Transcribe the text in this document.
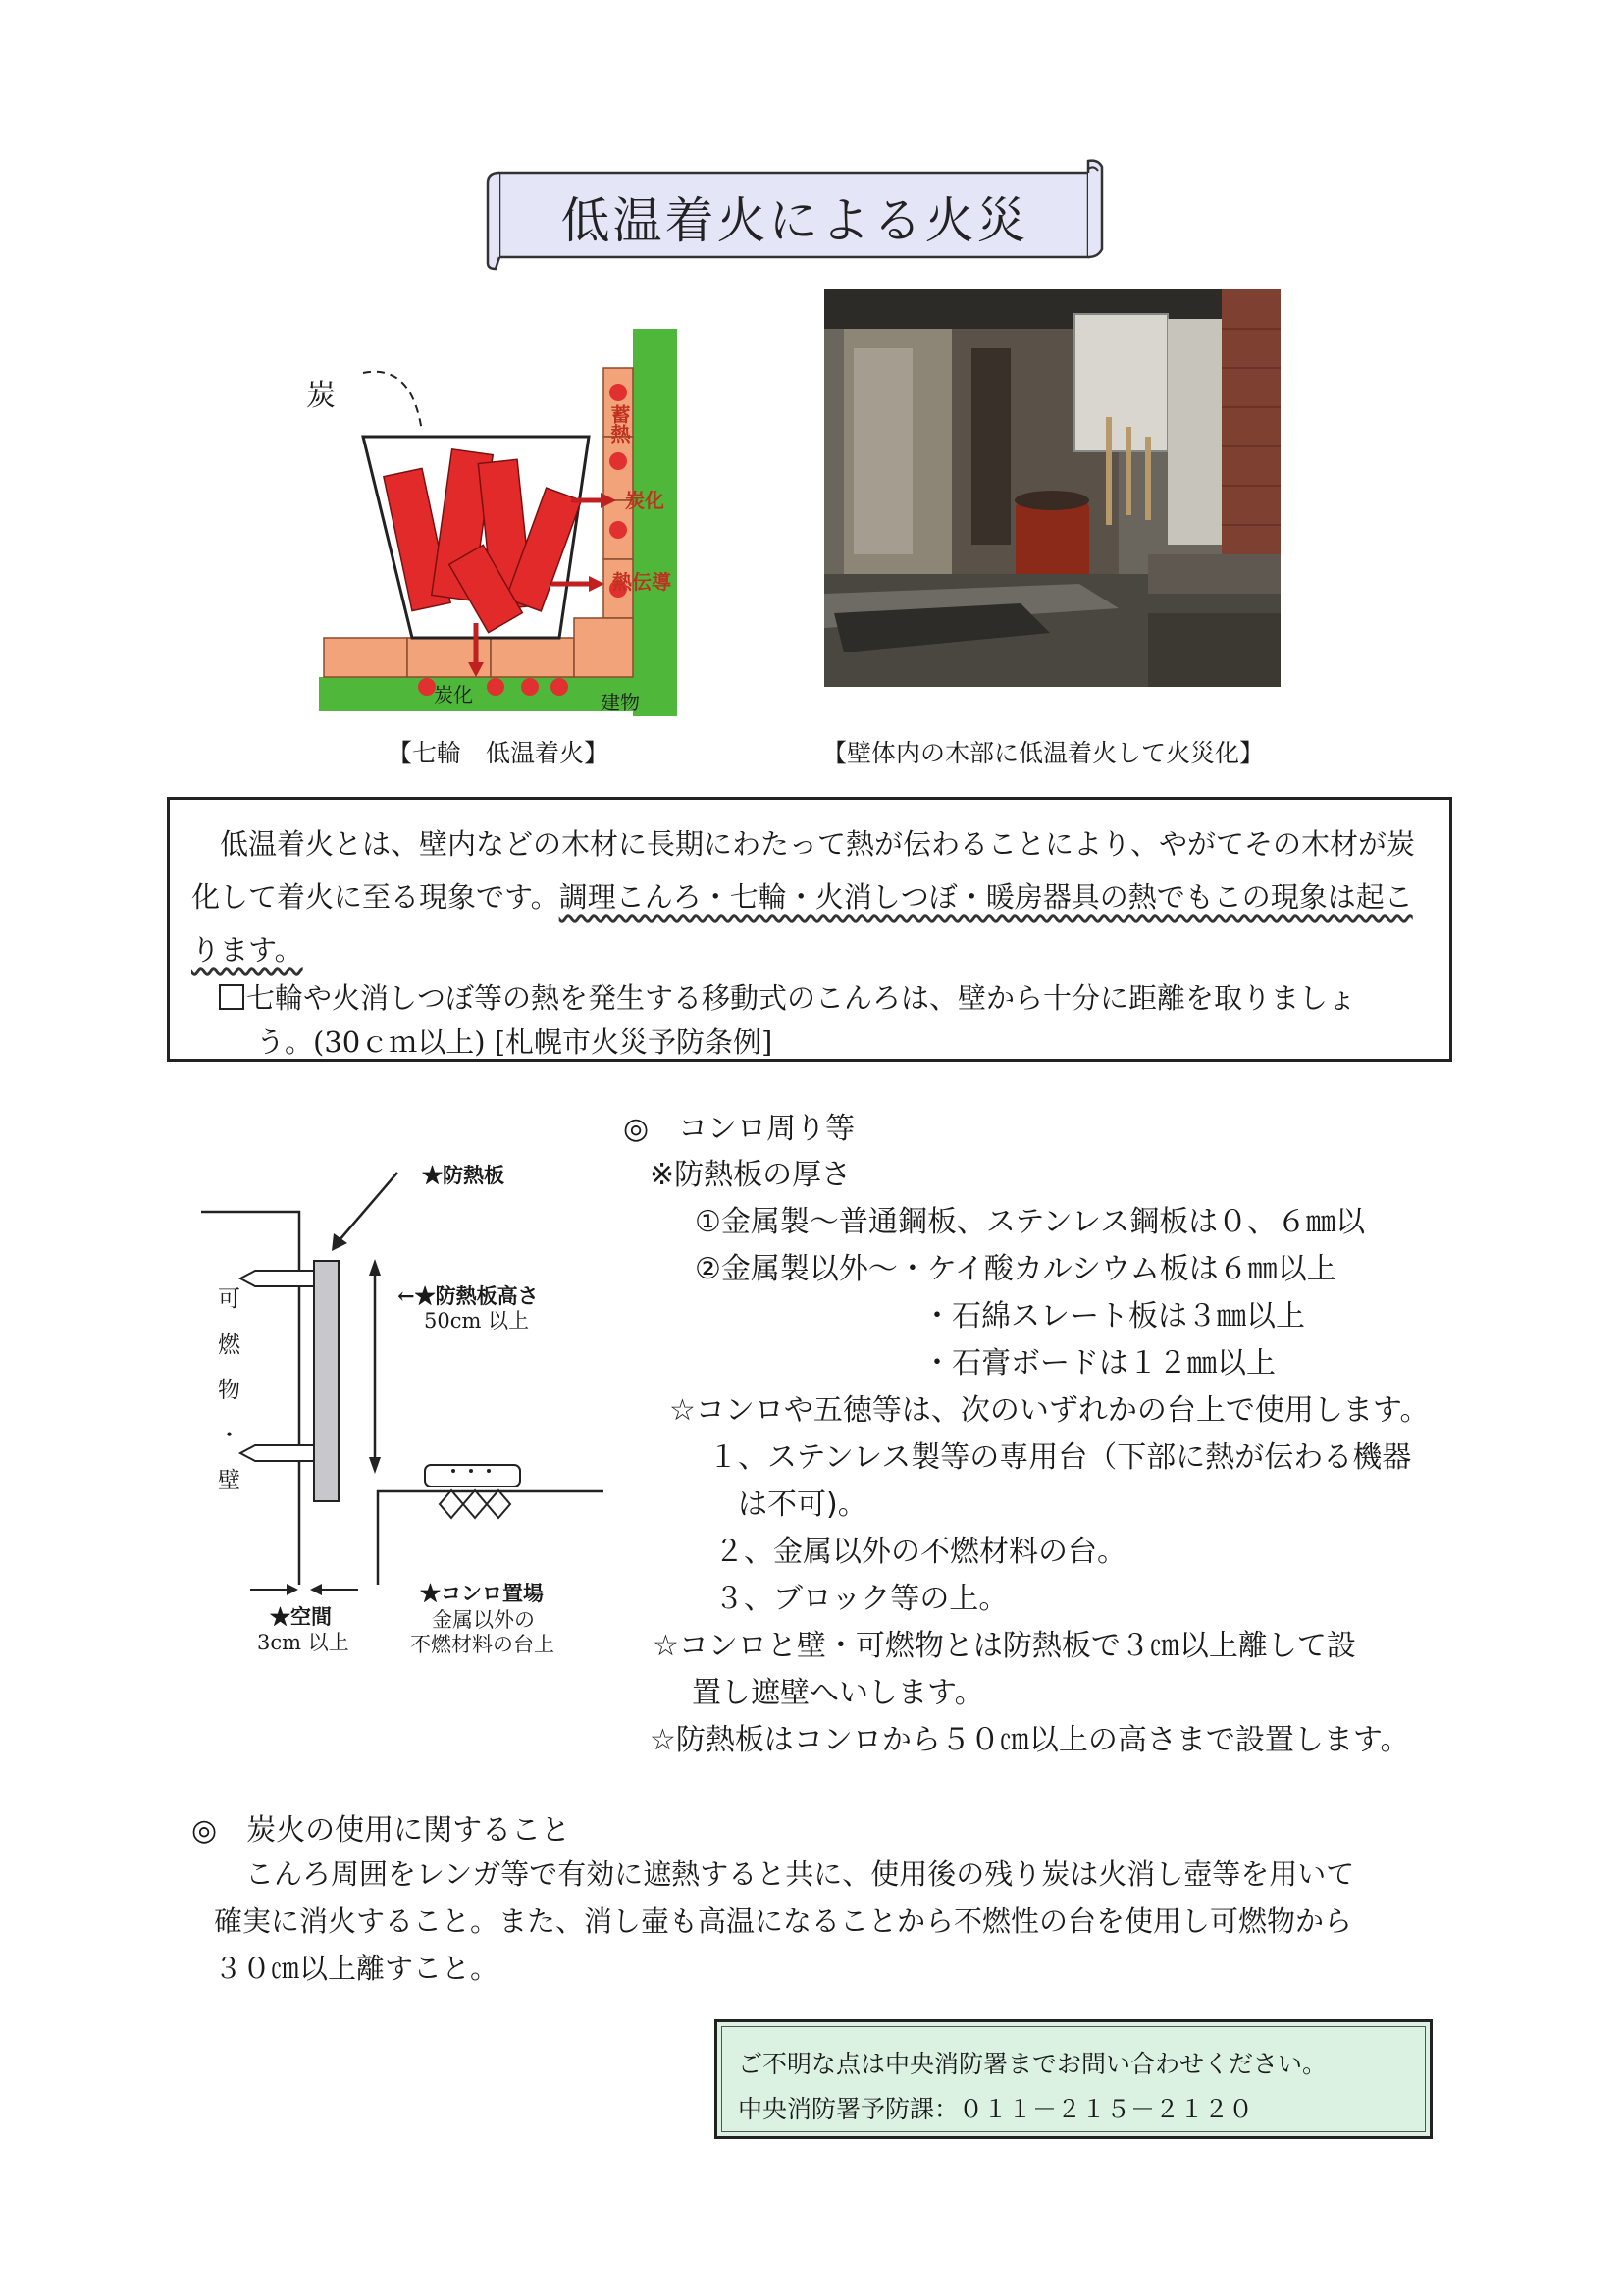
低温着火による火災
炭
蓄熱
炭化
熱伝導
炭化	建物
【七輪　低温着火】	【壁体内の木部に低温着火して火災化】
　低温着火とは、壁内などの木材に長期にわたって熱が伝わることにより、やがてその木材が炭化して着火に至る現象です。調理こんろ・七輪・火消しつぼ・暖房器具の熱でもこの現象は起こります。
七輪や火消しつぼ等の熱を発生する移動式のこんろは、壁から十分に距離を取りましょ
う。(30ｃｍ以上) [札幌市火災予防条例]
★防熱板
←★防熱板高さ
50cm 以上
可
燃
物
・
壁
★空間
3cm 以上
★コンロ置場
金属以外の
不燃材料の台上
◎　コンロ周り等
※防熱板の厚さ
①金属製～普通鋼板、ステンレス鋼板は０、６㎜以
②金属製以外～・ケイ酸カルシウム板は６㎜以上
・石綿スレート板は３㎜以上
・石膏ボードは１２㎜以上
☆コンロや五徳等は、次のいずれかの台上で使用します。
１、ステンレス製等の専用台（下部に熱が伝わる機器
は不可)。
２、金属以外の不燃材料の台。
３、ブロック等の上。
☆コンロと壁・可燃物とは防熱板で３㎝以上離して設
置し遮壁へいします。
☆防熱板はコンロから５０㎝以上の高さまで設置します。
◎　炭火の使用に関すること
こんろ周囲をレンガ等で有効に遮熱すると共に、使用後の残り炭は火消し壺等を用いて
確実に消火すること。また、消し壷も高温になることから不燃性の台を使用し可燃物から
３０㎝以上離すこと。
ご不明な点は中央消防署までお問い合わせください。
中央消防署予防課：０１１－２１５－２１２０
